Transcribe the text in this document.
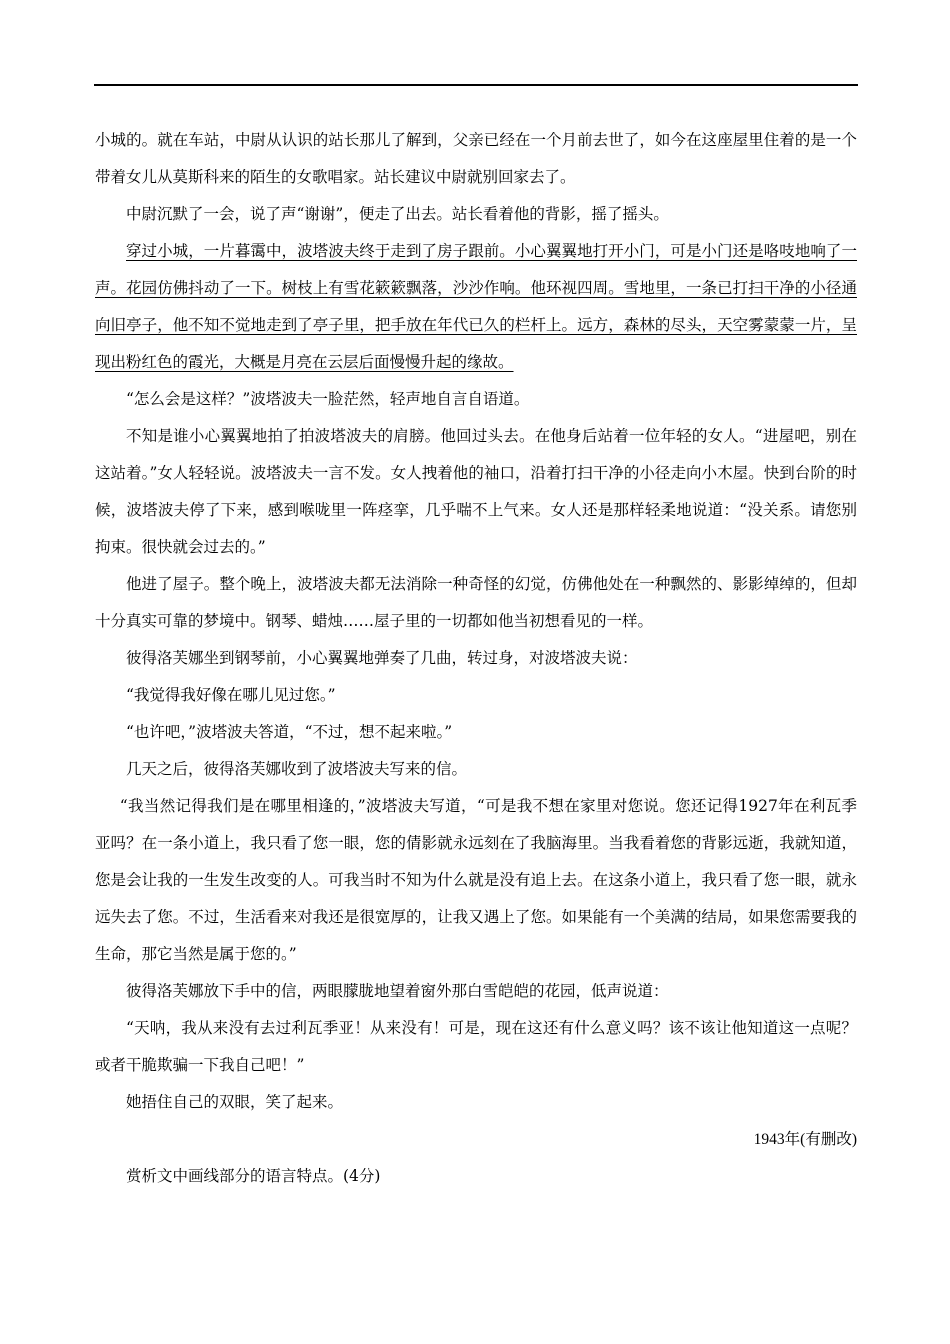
小城的。就在车站，中尉从认识的站长那儿了解到，父亲已经在一个月前去世了，如今在这座屋里住着的是一个带着女儿从莫斯科来的陌生的女歌唱家。站长建议中尉就别回家去了。

中尉沉默了一会，说了声“谢谢”，便走了出去。站长看着他的背影，摇了摇头。

穿过小城，一片暮霭中，波塔波夫终于走到了房子跟前。小心翼翼地打开小门，可是小门还是咯吱地响了一声。花园仿佛抖动了一下。树枝上有雪花簌簌飘落，沙沙作响。他环视四周。雪地里，一条已打扫干净的小径通向旧亭子，他不知不觉地走到了亭子里，把手放在年代已久的栏杆上。远方，森林的尽头，天空雾蒙蒙一片，呈现出粉红色的霞光，大概是月亮在云层后面慢慢升起的缘故。

“怎么会是这样？”波塔波夫一脸茫然，轻声地自言自语道。

不知是谁小心翼翼地拍了拍波塔波夫的肩膀。他回过头去。在他身后站着一位年轻的女人。“进屋吧，别在这站着。”女人轻轻说。波塔波夫一言不发。女人拽着他的袖口，沿着打扫干净的小径走向小木屋。快到台阶的时候，波塔波夫停了下来，感到喉咙里一阵痉挛，几乎喘不上气来。女人还是那样轻柔地说道：“没关系。请您别拘束。很快就会过去的。”

他进了屋子。整个晚上，波塔波夫都无法消除一种奇怪的幻觉，仿佛他处在一种飘然的、影影绰绰的，但却十分真实可靠的梦境中。钢琴、蜡烛……屋子里的一切都如他当初想看见的一样。

彼得洛芙娜坐到钢琴前，小心翼翼地弹奏了几曲，转过身，对波塔波夫说：

“我觉得我好像在哪儿见过您。”

“也许吧，”波塔波夫答道，“不过，想不起来啦。”

几天之后，彼得洛芙娜收到了波塔波夫写来的信。

“我当然记得我们是在哪里相逢的，”波塔波夫写道，“可是我不想在家里对您说。您还记得1927年在利瓦季亚吗？在一条小道上，我只看了您一眼，您的倩影就永远刻在了我脑海里。当我看着您的背影远逝，我就知道，您是会让我的一生发生改变的人。可我当时不知为什么就是没有追上去。在这条小道上，我只看了您一眼，就永远失去了您。不过，生活看来对我还是很宽厚的，让我又遇上了您。如果能有一个美满的结局，如果您需要我的生命，那它当然是属于您的。”

彼得洛芙娜放下手中的信，两眼朦胧地望着窗外那白雪皑皑的花园，低声说道：

“天呐，我从来没有去过利瓦季亚！从来没有！可是，现在这还有什么意义吗？该不该让他知道这一点呢？或者干脆欺骗一下我自己吧！”

她捂住自己的双眼，笑了起来。

1943年(有删改)

赏析文中画线部分的语言特点。(4分)
